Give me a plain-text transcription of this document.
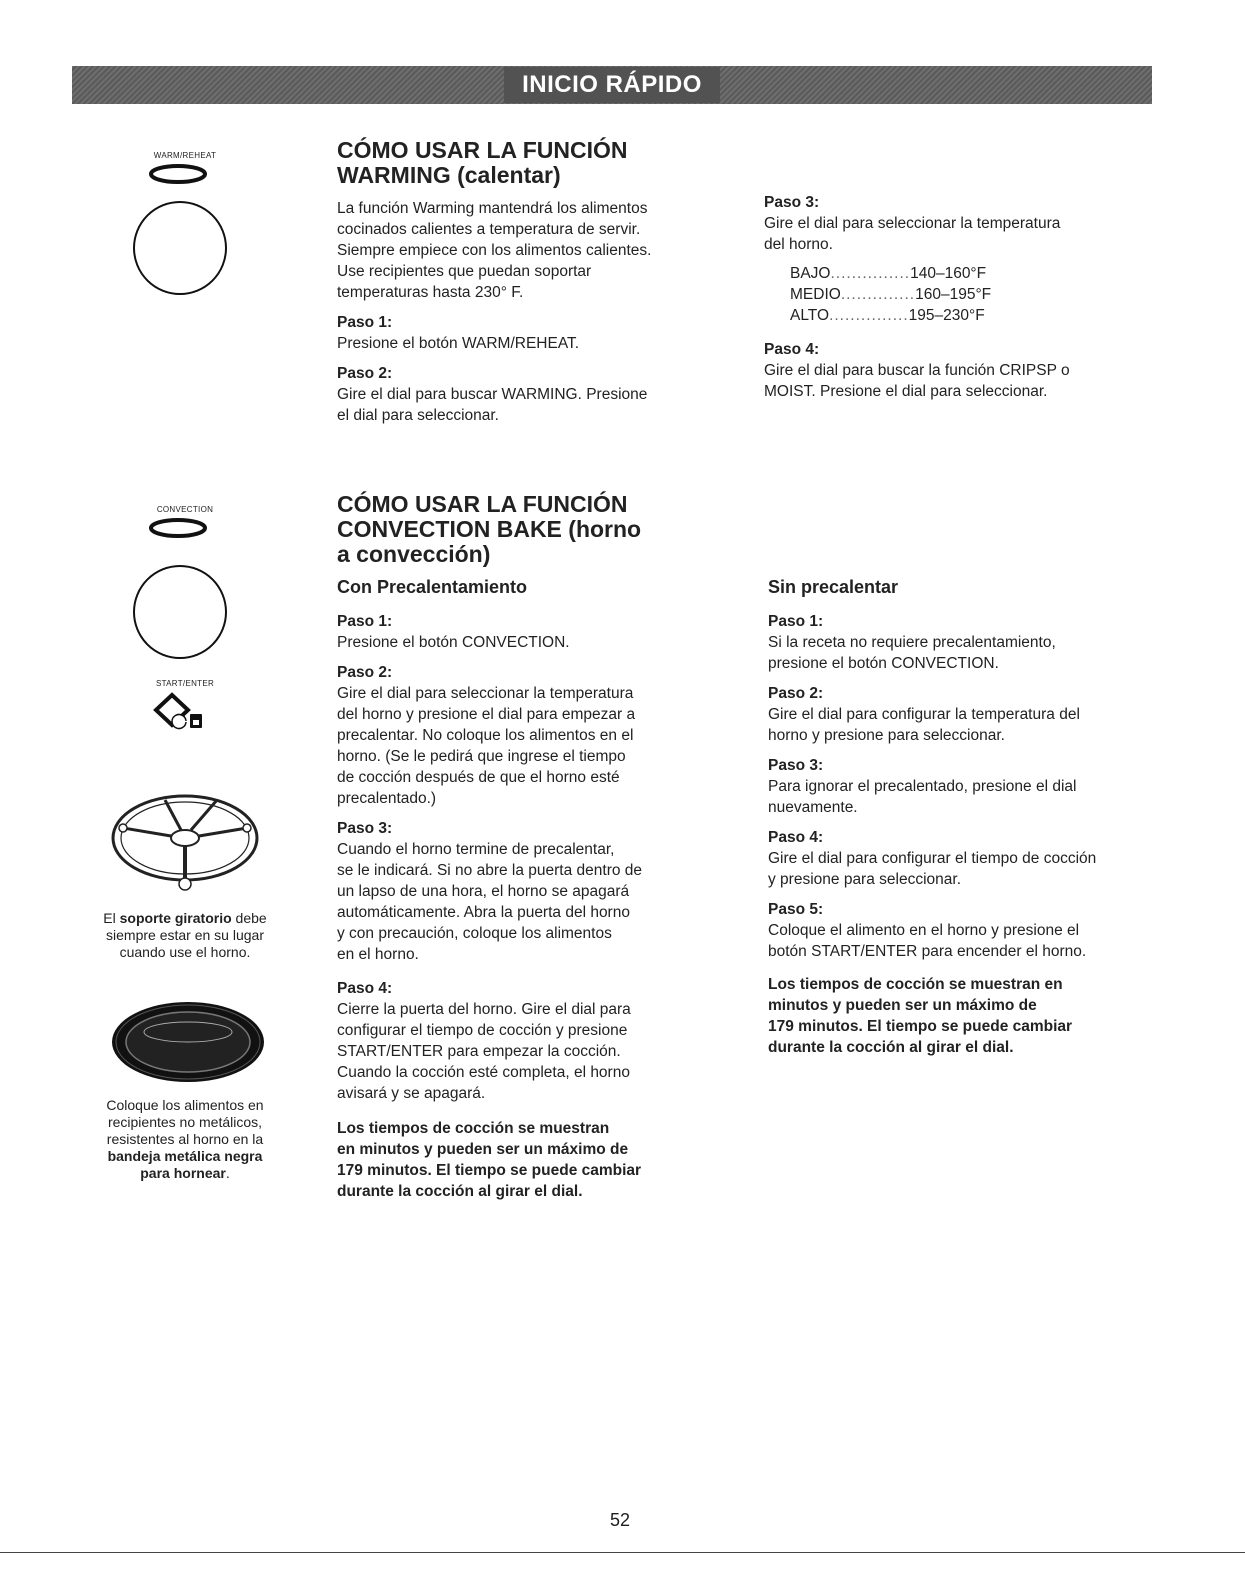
INICIO RÁPIDO
WARM/REHEAT	CÓMO USAR LA FUNCIÓN
WARMING (calentar)

La función Warming mantendrá los alimentos

cocinados calientes a temperatura de servir.

Siempre empiece con los alimentos calientes.

Use recipientes que puedan soportar

temperaturas hasta 230° F.

Paso 1:

Presione el botón WARM/REHEAT.

Paso 2:

Gire el dial para buscar WARMING. Presione

el dial para seleccionar.

Paso 3:

Gire el dial para seleccionar la temperatura

del horno.

BAJO ............... 140–160°F
MEDIO .............. 160–195°F
ALTO ............... 195–230°F
Paso 4:

Gire el dial para buscar la función CRIPSP o

MOIST. Presione el dial para seleccionar.

CONVECTION
START/ENTER
El soporte giratorio debe
siempre estar en su lugar
cuando use el horno.
Coloque los alimentos en
recipientes no metálicos,
resistentes al horno en la
bandeja metálica negra
para hornear.
CÓMO USAR LA FUNCIÓN
CONVECTION BAKE (horno
a convección)
Con Precalentamiento
Paso 1:

Presione el botón CONVECTION.

Paso 2:

Gire el dial para seleccionar la temperatura

del horno y presione el dial para empezar a

precalentar. No coloque los alimentos en el

horno. (Se le pedirá que ingrese el tiempo

de cocción después de que el horno esté

precalentado.)

Paso 3:

Cuando el horno termine de precalentar,

se le indicará. Si no abre la puerta dentro de

un lapso de una hora, el horno se apagará

automáticamente. Abra la puerta del horno

y con precaución, coloque los alimentos

en el horno.

Paso 4:

Cierre la puerta del horno. Gire el dial para

configurar el tiempo de cocción y presione

START/ENTER para empezar la cocción.

Cuando la cocción esté completa, el horno

avisará y se apagará.

Los tiempos de cocción se muestran
en minutos y pueden ser un máximo de
179 minutos. El tiempo se puede cambiar
durante la cocción al girar el dial.
Sin precalentar
Paso 1:

Si la receta no requiere precalentamiento,

presione el botón CONVECTION.

Paso 2:

Gire el dial para configurar la temperatura del

horno y presione para seleccionar.

Paso 3:

Para ignorar el precalentado, presione el dial

nuevamente.

Paso 4:

Gire el dial para configurar el tiempo de cocción

y presione para seleccionar.

Paso 5:

Coloque el alimento en el horno y presione el

botón START/ENTER para encender el horno.

Los tiempos de cocción se muestran en
minutos y pueden ser un máximo de
179 minutos. El tiempo se puede cambiar
durante la cocción al girar el dial.
52
